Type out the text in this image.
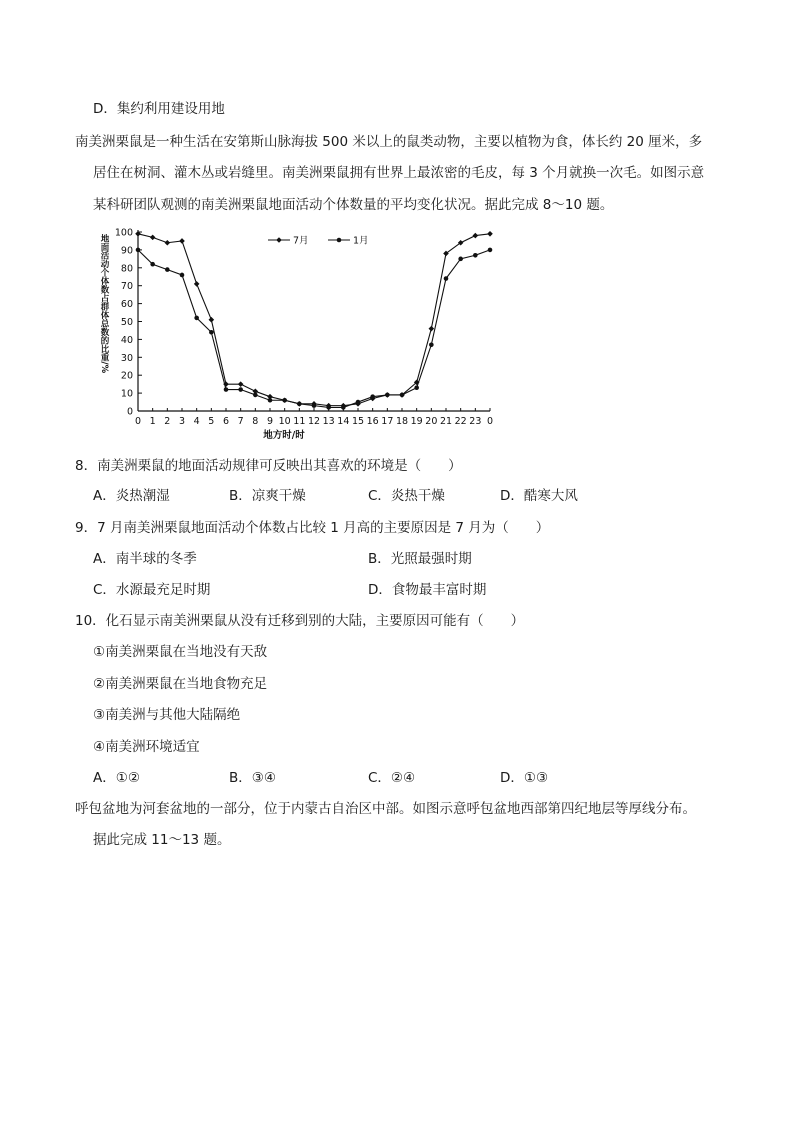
D．集约利用建设用地
南美洲栗鼠是一种生活在安第斯山脉海拔 500 米以上的鼠类动物，主要以植物为食，体长约 20 厘米，多
居住在树洞、灌木丛或岩缝里。南美洲栗鼠拥有世界上最浓密的毛皮，每 3 个月就换一次毛。如图示意
某科研团队观测的南美洲栗鼠地面活动个体数量的平均变化状况。据此完成 8～10 题。
0
10
20
30
40
50
60
70
80
90
100
0 1 2 3 4 5 6 7 8 9 10 11 12 13 14 15 16 17 18 19 20 21 22 23 0
地方时/时
地面活动个体数占群体总数的比重/%	7月	1月
8．南美洲栗鼠的地面活动规律可反映出其喜欢的环境是（　　）
A．炎热潮湿	B．凉爽干燥	C．炎热干燥	D．酷寒大风
9．7 月南美洲栗鼠地面活动个体数占比较 1 月高的主要原因是 7 月为（　　）
A．南半球的冬季	B．光照最强时期
C．水源最充足时期	D．食物最丰富时期
10．化石显示南美洲栗鼠从没有迁移到别的大陆，主要原因可能有（　　）
①南美洲栗鼠在当地没有天敌
②南美洲栗鼠在当地食物充足
③南美洲与其他大陆隔绝
④南美洲环境适宜
A．①②	B．③④	C．②④	D．①③
呼包盆地为河套盆地的一部分，位于内蒙古自治区中部。如图示意呼包盆地西部第四纪地层等厚线分布。
据此完成 11～13 题。
